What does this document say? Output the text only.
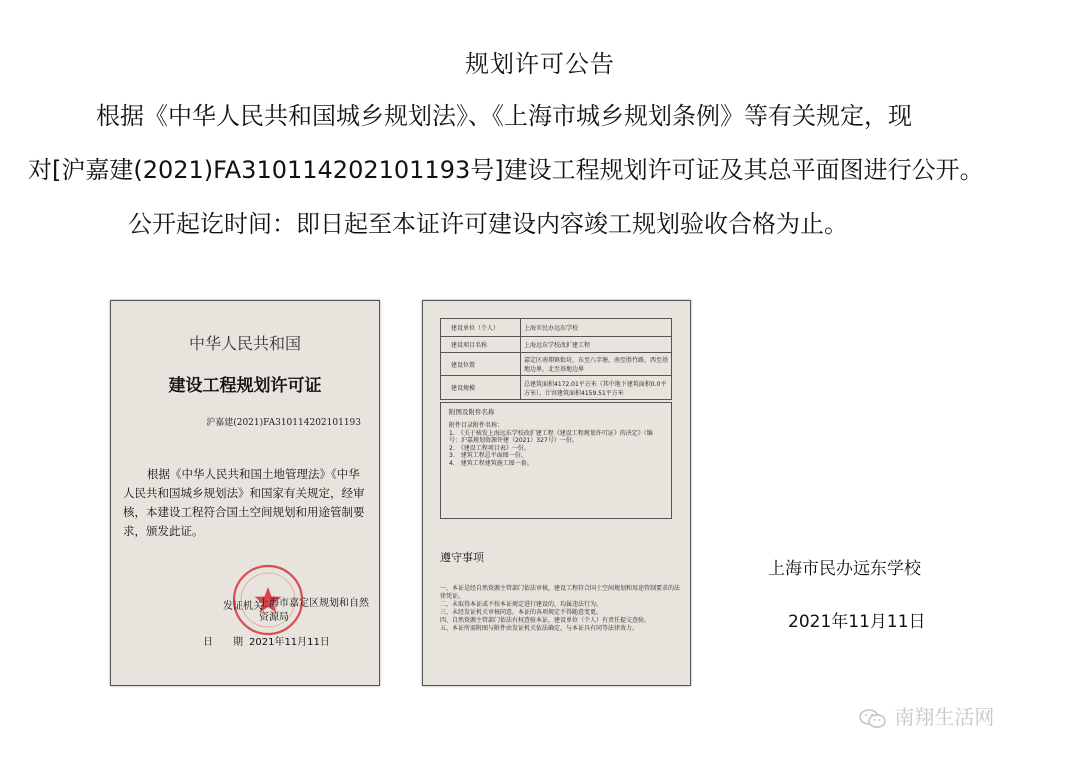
规划许可公告
根据《中华人民共和国城乡规划法》、《上海市城乡规划条例》等有关规定，现
对[沪嘉建(2021)FA310114202101193号]建设工程规划许可证及其总平面图进行公开。
公开起讫时间：即日起至本证许可建设内容竣工规划验收合格为止。
中华人民共和国
建设工程规划许可证
沪嘉建(2021)FA310114202101193
根据《中华人民共和国土地管理法》《中华人民共和国城乡规划法》和国家有关规定，经审核，本建设工程符合国土空间规划和用途管制要求，颁发此证。
发证机关
上海市嘉定区规划和自然资源局
日　　期 2021年11月11日
建设单位（个人）	上海市民办远东学校
建设项目名称	上海远东学校改扩建工程
建设位置	嘉定区南翔镇街坊，东至八字塘，南至胜竹路，西至基地边界，北至基地边界
建设规模	总建筑面积4172.01平方米（其中地下建筑面积0.0平方米），计容建筑面积4159.51平方米
附图及附件名称
附件目录附件名称：
1.　《关于核发上海远东学校改扩建工程《建设工程规划许可证》的决定》（编号：沪嘉规划资源许建（2021）327号）一份。
2.　《建设工程项目表》一份。
3.　建筑工程总平面图一份。
4.　建筑工程建筑施工图一套。
遵守事项
一、本证是经自然资源主管部门依法审核，建设工程符合国土空间规划和用途管制要求的法律凭证。
二、未取得本证或不按本证规定进行建设的，均属违法行为。
三、未经发证机关审核同意，本证的各项规定不得随意变更。
四、自然资源主管部门依法有权查验本证，建设单位（个人）有责任提交查验。
五、本证所需附图与附件由发证机关依法确定，与本证具有同等法律效力。
上海市民办远东学校
2021年11月11日
南翔生活网
